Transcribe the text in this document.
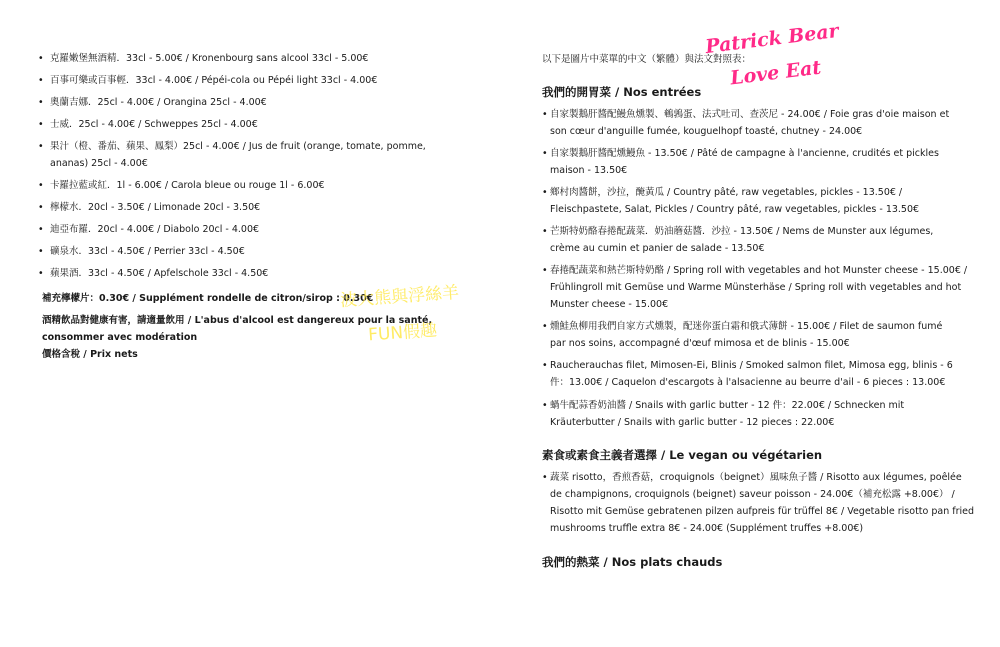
• 克羅嫩堡無酒精．33cl - 5.00€ / Kronenbourg sans alcool 33cl - 5.00€
• 百事可樂或百事輕．33cl - 4.00€ / Pépéi-cola ou Pépéi light 33cl - 4.00€
• 奧蘭吉娜．25cl - 4.00€ / Orangina 25cl - 4.00€
• 士威．25cl - 4.00€ / Schweppes 25cl - 4.00€
• 果汁（橙、番茄、蘋果、鳳梨）25cl - 4.00€ / Jus de fruit (orange, tomate, pomme,
ananas) 25cl - 4.00€
• 卡羅拉藍或紅．1l - 6.00€ / Carola bleue ou rouge 1l - 6.00€
• 檸檬水．20cl - 3.50€ / Limonade 20cl - 3.50€
• 迪亞布羅．20cl - 4.00€ / Diabolo 20cl - 4.00€
• 礦泉水．33cl - 4.50€ / Perrier 33cl - 4.50€
• 蘋果酒．33cl - 4.50€ / Apfelschole 33cl - 4.50€
補充檸檬片：0.30€ / Supplément rondelle de citron/sirop : 0.30€
酒精飲品對健康有害，請適量飲用 / L'abus d'alcool est dangereux pour la santé,
consommer avec modération
價格含稅 / Prix nets
波大熊與浮絲羊
FUN假趣
以下是圖片中菜單的中文（繁體）與法文對照表：
Patrick Bear
Love Eat
我們的開胃菜 / Nos entrées
• 自家製鵝肝醬配鰻魚燻製、鵪鶉蛋、法式吐司、查茨尼 - 24.00€ / Foie gras d'oie maison et
son cœur d'anguille fumée, kouguelhopf toasté, chutney - 24.00€
• 自家製鵝肝醬配燻鰻魚 - 13.50€ / Pâté de campagne à l'ancienne, crudités et pickles
maison - 13.50€
• 鄉村肉醬餅，沙拉，醃黃瓜 / Country pâté, raw vegetables, pickles - 13.50€ /
Fleischpastete, Salat, Pickles / Country pâté, raw vegetables, pickles - 13.50€
• 芒斯特奶酪春捲配蔬菜．奶油蘑菇醬．沙拉 - 13.50€ / Nems de Munster aux légumes,
crème au cumin et panier de salade - 13.50€
• 春捲配蔬菜和熱芒斯特奶酪 / Spring roll with vegetables and hot Munster cheese - 15.00€ /
Frühlingroll mit Gemüse und Warme Münsterhäse / Spring roll with vegetables and hot
Munster cheese - 15.00€
• 燻鮭魚柳用我們自家方式燻製，配迷你蛋白霜和俄式薄餅 - 15.00€ / Filet de saumon fumé
par nos soins, accompagné d'œuf mimosa et de blinis - 15.00€
• Raucherauchas filet, Mimosen-Ei, Blinis / Smoked salmon filet, Mimosa egg, blinis - 6
件：13.00€ / Caquelon d'escargots à l'alsacienne au beurre d'ail - 6 pieces : 13.00€
• 蝸牛配蒜香奶油醬 / Snails with garlic butter - 12 件：22.00€ / Schnecken mit
Kräuterbutter / Snails with garlic butter - 12 pieces : 22.00€
素食或素食主義者選擇 / Le vegan ou végétarien
• 蔬菜 risotto，香煎香菇，croquignols（beignet）風味魚子醬 / Risotto aux légumes, poêlée
de champignons, croquignols (beignet) saveur poisson - 24.00€（補充松露 +8.00€） /
Risotto mit Gemüse gebratenen pilzen aufpreis für trüffel 8€ / Vegetable risotto pan fried
mushrooms truffle extra 8€ - 24.00€ (Supplément truffes +8.00€)
我們的熱菜 / Nos plats chauds
